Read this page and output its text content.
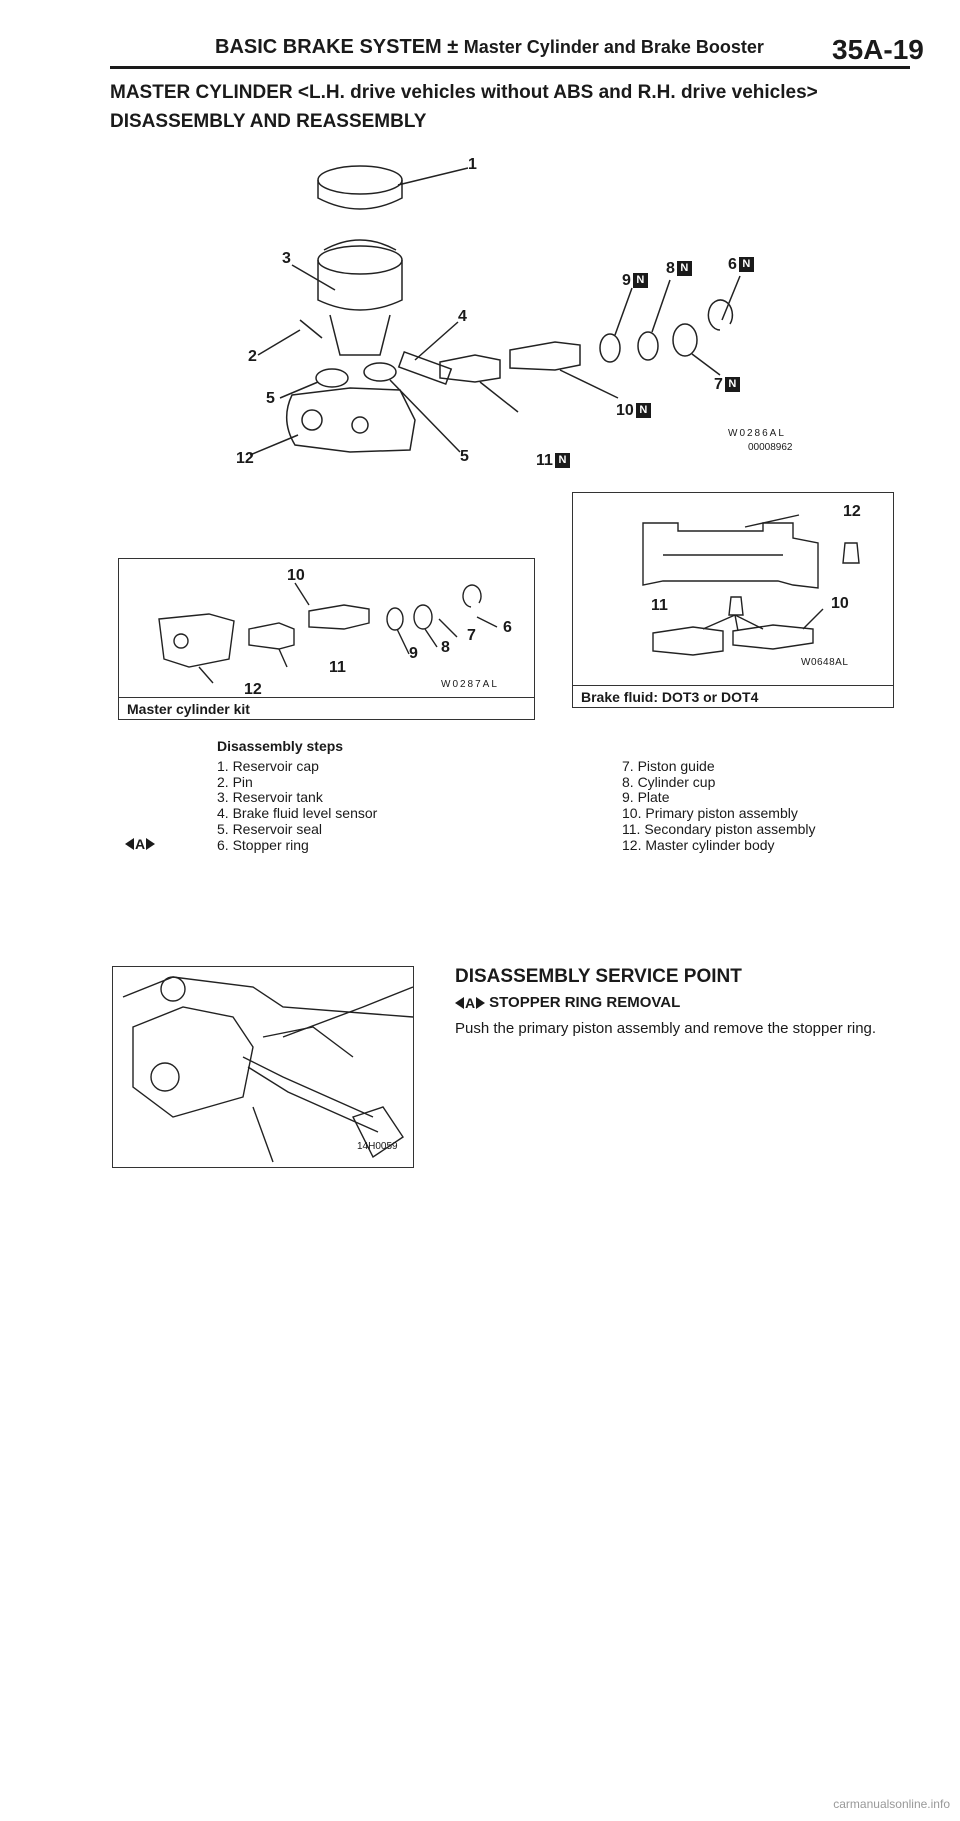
BASIC BRAKE SYSTEM ± Master Cylinder and Brake Booster 35A-19
MASTER CYLINDER <L.H. drive vehicles without ABS and R.H. drive vehicles>
DISASSEMBLY AND REASSEMBLY
1
3
4
2
5
12	5
9 N
8 N 6 N
7 N
10 N
11 N
W0286AL
00008962
10
6
7
8
9
11
12	W0287AL
Master cylinder kit
12
11	10
W0648AL
Brake fluid: DOT3 or DOT4
Disassembly steps
1. Reservoir cap
2. Pin
3. Reservoir tank
4. Brake fluid level sensor
5. Reservoir seal
6. Stopper ring
7. Piston guide
8. Cylinder cup
9. Plate
10. Primary piston assembly
11. Secondary piston assembly
12. Master cylinder body
A
14H0059
DISASSEMBLY SERVICE POINT
A STOPPER RING REMOVAL
Push the primary piston assembly and remove the stopper ring.
carmanualsonline.info
